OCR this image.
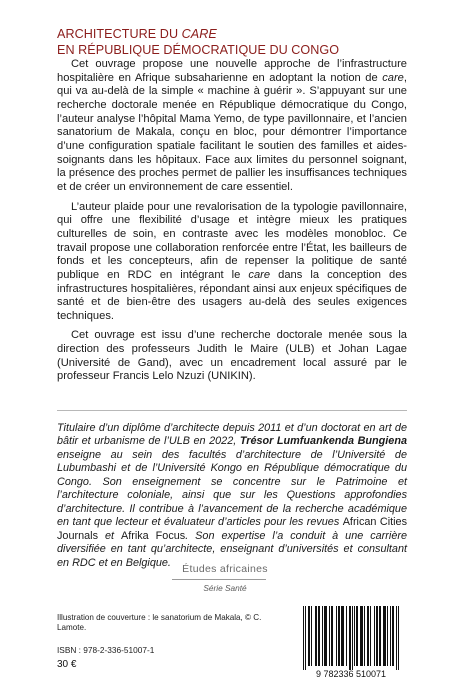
ARCHITECTURE DU CARE
EN RÉPUBLIQUE DÉMOCRATIQUE DU CONGO

Cet ouvrage propose une nouvelle approche de l’infrastructure hospitalière en Afrique subsaharienne en adoptant la notion de care, qui va au-delà de la simple « machine à guérir ». S’appuyant sur une recherche doctorale menée en République démocratique du Congo, l’auteur analyse l’hôpital Mama Yemo, de type pavillonnaire, et l’ancien sanatorium de Makala, conçu en bloc, pour démontrer l’importance d’une configuration spatiale facilitant le soutien des familles et aides-soignants dans les hôpitaux. Face aux limites du personnel soignant, la présence des proches permet de pallier les insuffisances techniques et de créer un environnement de care essentiel.

L’auteur plaide pour une revalorisation de la typologie pavillonnaire, qui offre une flexibilité d’usage et intègre mieux les pratiques culturelles de soin, en contraste avec les modèles monobloc. Ce travail propose une collaboration renforcée entre l’État, les bailleurs de fonds et les concepteurs, afin de repenser la politique de santé publique en RDC en intégrant le care dans la conception des infrastructures hospitalières, répondant ainsi aux enjeux spécifiques de santé et de bien-être des usagers au-delà des seules exigences techniques.

Cet ouvrage est issu d’une recherche doctorale menée sous la direction des professeurs Judith le Maire (ULB) et Johan Lagae (Université de Gand), avec un encadrement local assuré par le professeur Francis Lelo Nzuzi (UNIKIN).

Titulaire d’un diplôme d’architecte depuis 2011 et d’un doctorat en art de bâtir et urbanisme de l’ULB en 2022, Trésor Lumfuankenda Bungiena enseigne au sein des facultés d’architecture de l’Université de Lubumbashi et de l’Université Kongo en République démocratique du Congo. Son enseignement se concentre sur le Patrimoine et l’architecture coloniale, ainsi que sur les Questions approfondies d’architecture. Il contribue à l’avancement de la recherche académique en tant que lecteur et évaluateur d’articles pour les revues African Cities Journals et Afrika Focus. Son expertise l’a conduit à une carrière diversifiée en tant qu’architecte, enseignant d’universités et consultant en RDC et en Belgique.
Études africaines
Série Santé
Illustration de couverture : le sanatorium de Makala, © C. Lamote.
ISBN : 978-2-336-51007-1
30 €
9 782336 510071
